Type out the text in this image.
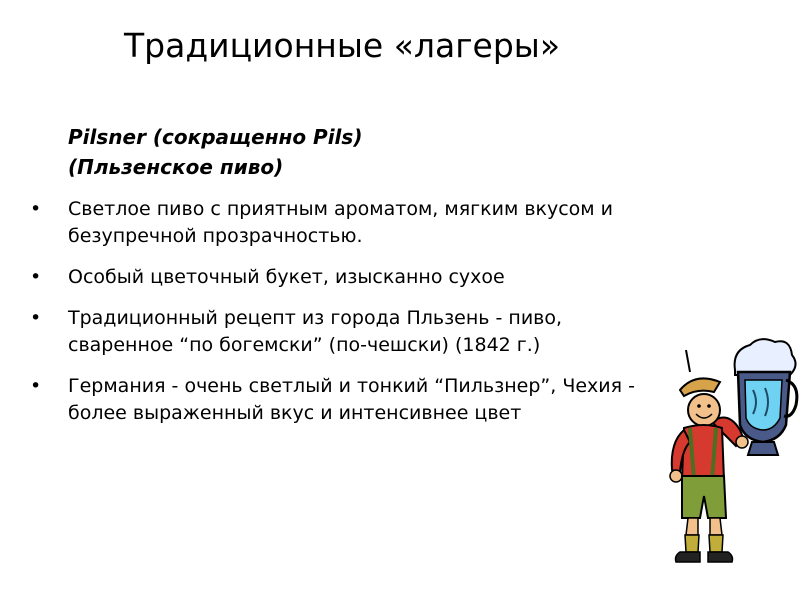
Традиционные «лагеры»
Pilsner (сокращенно Pils)
(Пльзенское пиво)
•	Светлое пиво с приятным ароматом, мягким вкусом и безупречной прозрачностью.
•	Особый цветочный букет, изысканно сухое
•	Традиционный рецепт из города Пльзень - пиво, сваренное “по богемски” (по-чешски) (1842 г.)
•	Германия - очень светлый и тонкий “Пильзнер”, Чехия - более выраженный вкус и интенсивнее цвет
